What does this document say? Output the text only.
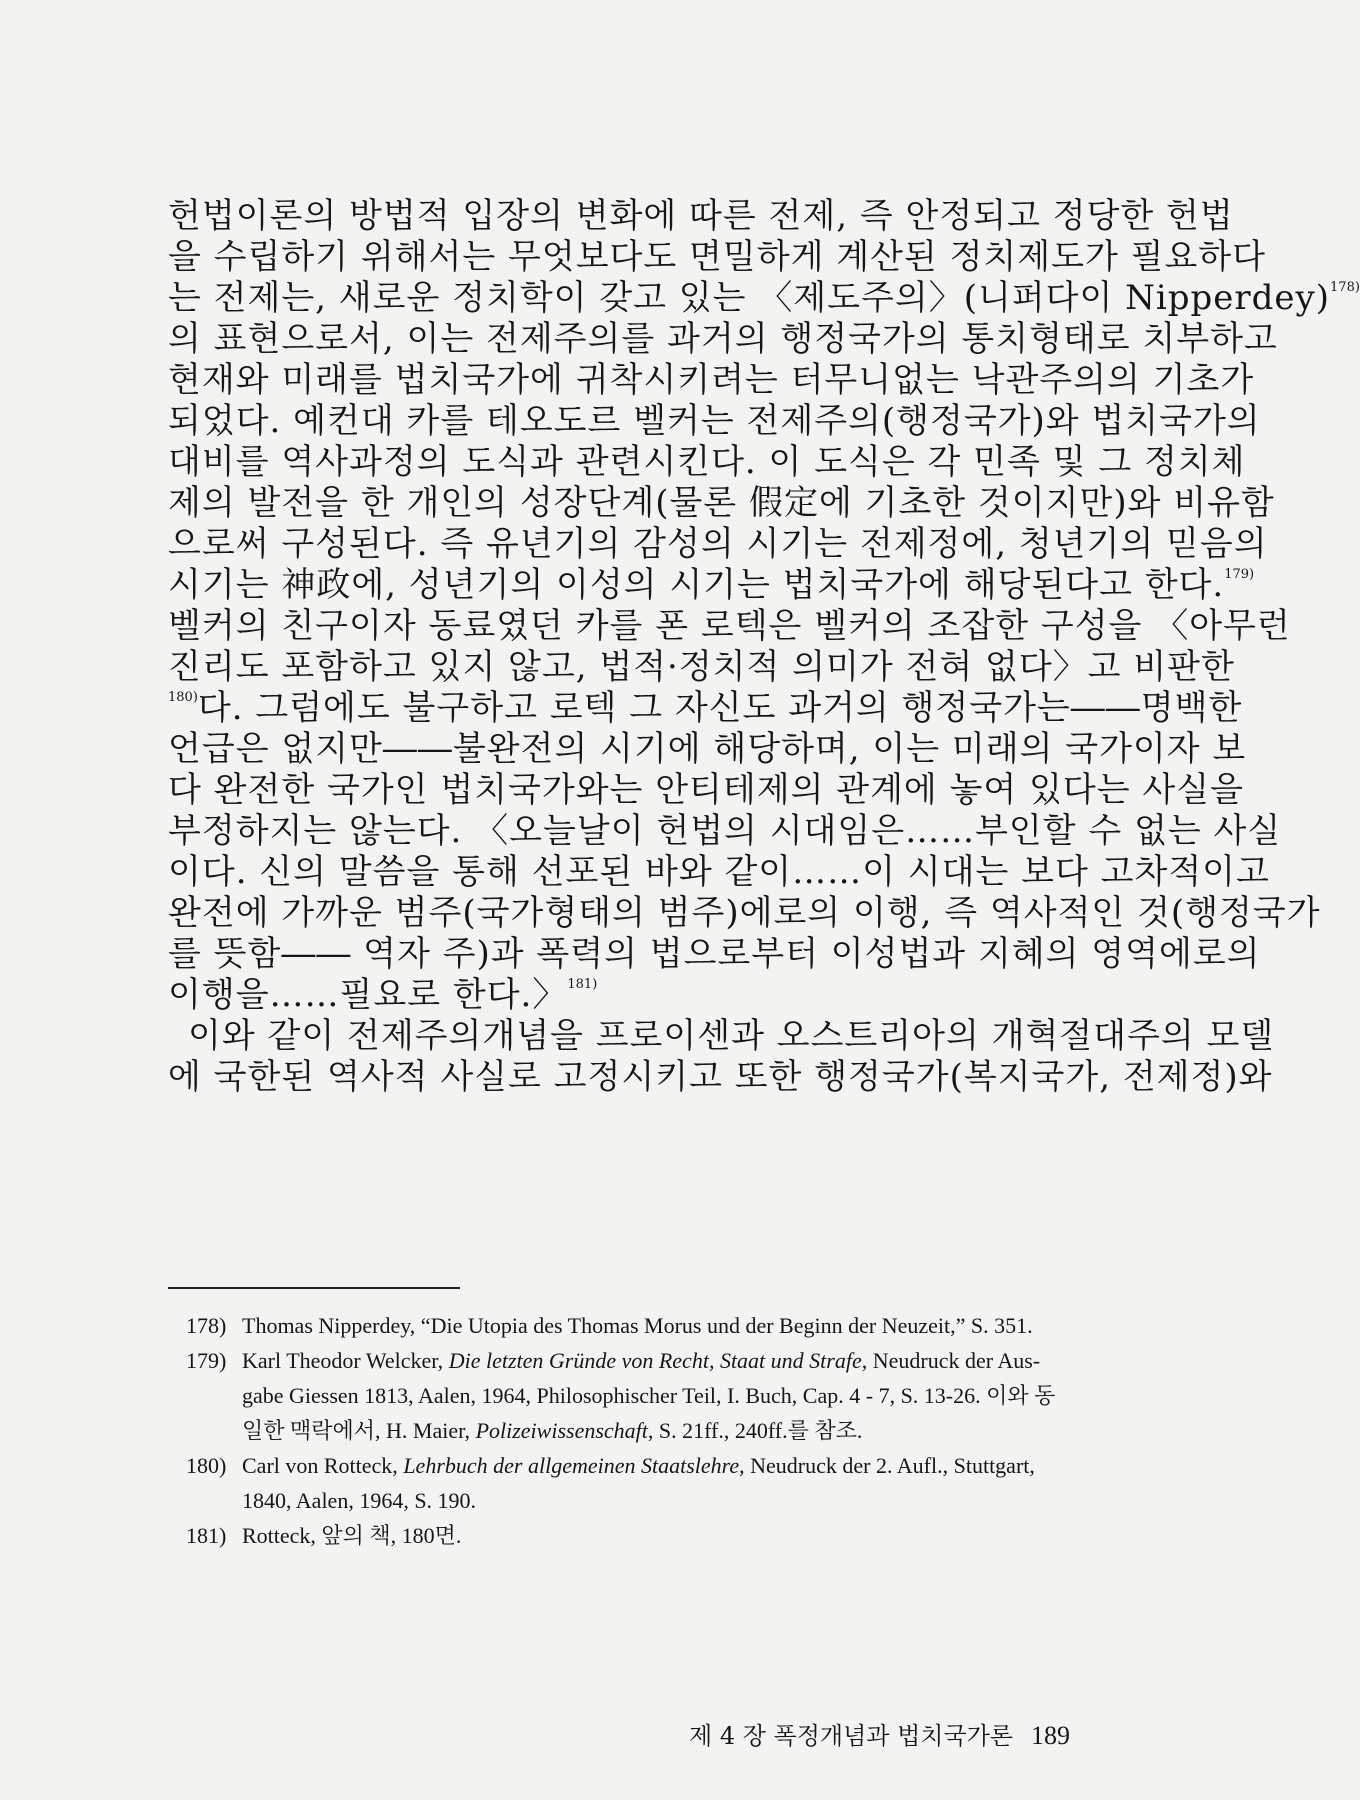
헌법이론의 방법적 입장의 변화에 따른 전제, 즉 안정되고 정당한 헌법
을 수립하기 위해서는 무엇보다도 면밀하게 계산된 정치제도가 필요하다
는 전제는, 새로운 정치학이 갖고 있는 〈제도주의〉(니퍼다이 Nipperdey)$^{178)}$
의 표현으로서, 이는 전제주의를 과거의 행정국가의 통치형태로 치부하고
현재와 미래를 법치국가에 귀착시키려는 터무니없는 낙관주의의 기초가
되었다. 예컨대 카를 테오도르 벨커는 전제주의(행정국가)와 법치국가의
대비를 역사과정의 도식과 관련시킨다. 이 도식은 각 민족 및 그 정치체
제의 발전을 한 개인의 성장단계(물론 假定에 기초한 것이지만)와 비유함
으로써 구성된다. 즉 유년기의 감성의 시기는 전제정에, 청년기의 믿음의
시기는 神政에, 성년기의 이성의 시기는 법치국가에 해당된다고 한다.$^{179)}$
벨커의 친구이자 동료였던 카를 폰 로텍은 벨커의 조잡한 구성을 〈아무런
진리도 포함하고 있지 않고, 법적·정치적 의미가 전혀 없다〉고 비판한
$^{180)}$다. 그럼에도 불구하고 로텍 그 자신도 과거의 행정국가는――명백한
언급은 없지만――불완전의 시기에 해당하며, 이는 미래의 국가이자 보
다 완전한 국가인 법치국가와는 안티테제의 관계에 놓여 있다는 사실을
부정하지는 않는다. 〈오늘날이 헌법의 시대임은……부인할 수 없는 사실
이다. 신의 말씀을 통해 선포된 바와 같이……이 시대는 보다 고차적이고
완전에 가까운 범주(국가형태의 범주)에로의 이행, 즉 역사적인 것(행정국가
를 뜻함―― 역자 주)과 폭력의 법으로부터 이성법과 지혜의 영역에로의
이행을……필요로 한다.〉$^{181)}$
이와 같이 전제주의개념을 프로이센과 오스트리아의 개혁절대주의 모델
에 국한된 역사적 사실로 고정시키고 또한 행정국가(복지국가, 전제정)와
178) Thomas Nipperdey, “Die Utopia des Thomas Morus und der Beginn der Neuzeit,” S. 351.
179) Karl Theodor Welcker, Die letzten Gründe von Recht, Staat und Strafe, Neudruck der Aus-
gabe Giessen 1813, Aalen, 1964, Philosophischer Teil, I. Buch, Cap. 4 - 7, S. 13-26. 이와 동
일한 맥락에서, H. Maier, Polizeiwissenschaft, S. 21ff., 240ff.를 참조.
180) Carl von Rotteck, Lehrbuch der allgemeinen Staatslehre, Neudruck der 2. Aufl., Stuttgart,
1840, Aalen, 1964, S. 190.
181) Rotteck, 앞의 책, 180면.
제 4 장 폭정개념과 법치국가론 189
